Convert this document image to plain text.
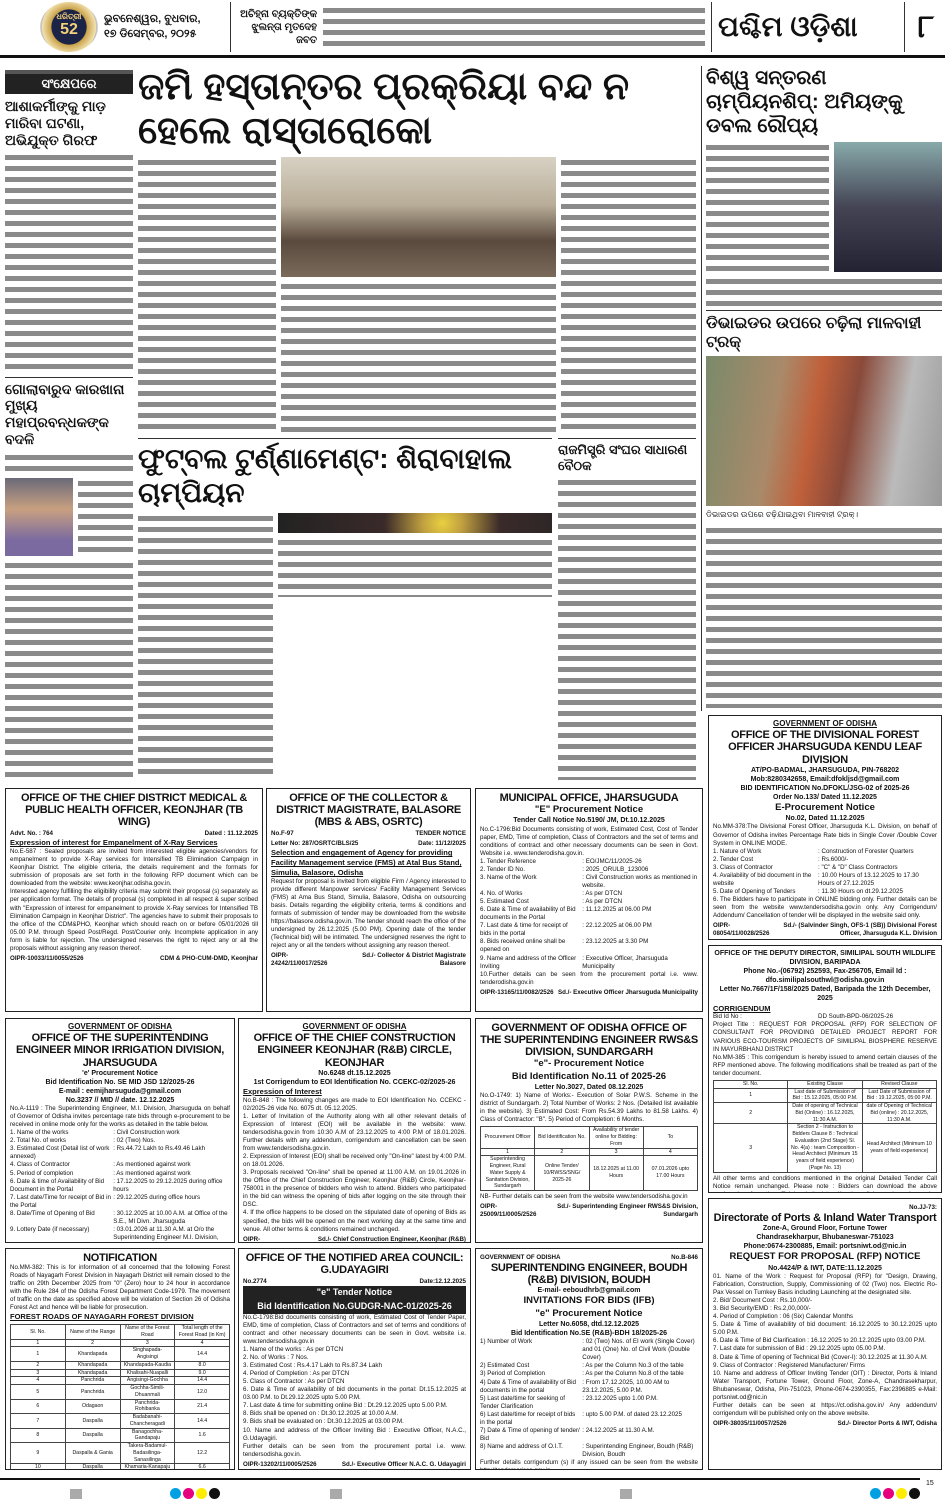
ଧରିତ୍ରୀ
52
ଭୁବନେଶ୍ୱର, ବୁଧବାର,
୧୭ ଡିସେମ୍ବର, ୨୦୨୫
ଅଚିହ୍ନା ବ୍ୟକ୍ତିଙ୍କ ଝୁଲନ୍ତା ମୃତଦେହ ଜବତ	ପଶ୍ଚିମ ଓଡ଼ିଶା	୮
ସଂକ୍ଷେପରେ
ଆଶାକର୍ମୀଙ୍କୁ ମାଡ଼ ମାରିବା ଘଟଣା, ଅଭିଯୁକ୍ତ ଗିରଫ
ଗୋଲାବାରୁଦ କାରଖାନା ମୁଖ୍ୟ ମହାପ୍ରବନ୍ଧକଙ୍କ ବଦଳି
ଜମି ହସ୍ତାନ୍ତର ପ୍ରକ୍ରିୟା ବନ୍ଦ ନ ହେଲେ ରାସ୍ତାରୋକୋ
ଫୁଟ୍‌ବଲ ଟୁର୍ଣ୍ଣାମେଣ୍ଟ: ଶିରାବାହାଲ ଚାମ୍ପିୟନ
ରାଜମିସ୍ତ୍ରି ସଂଘର ସାଧାରଣ ବୈଠକ
ବିଶ୍ୱ ସନ୍ତରଣ ଚାମ୍ପିୟନଶିପ୍: ଅମିୟଙ୍କୁ ଡବଲ ରୌପ୍ୟ
ଡିଭାଇଡର ଉପରେ ଚଢ଼ିଲା ମାଳବାହୀ ଟ୍ରକ୍
ଡିଭାଇଡର ଉପରେ ଚଢ଼ିଯାଇଥିବା ମାଳବାହୀ ଟ୍ରକ୍।
OFFICE OF THE CHIEF DISTRICT MEDICAL & PUBLIC HEALTH OFFICER, KEONJHAR (TB WING)
Advt. No. : 764	Dated : 11.12.2025
Expression of interest for Empanelment of X-Ray Services
No.E-587 : Sealed proposals are invited from interested eligible agencies/vendors for empanelment to provide X-Ray services for Intensified TB Elimination Campaign in Keonjhar District. The eligible criteria, the details requirement and the formats for submission of proposals are set forth in the following RFP document which can be downloaded from the website: www.keonjhar.odisha.gov.in.
Interested agency fulfilling the eligibility criteria may submit their proposal (s) separately as per application format. The details of proposal (s) completed in all respect & super scribed with "Expression of interest for empanelment to provide X-Ray services for Intensified TB Elimination Campaign in Keonjhar District". The agencies have to submit their proposals to the office of the CDM&PHO, Keonjhar which should reach on or before 05/01/2026 till 05.00 P.M. through Speed Post/Regd. Post/Courier only. Incomplete application in any form is liable for rejection. The undersigned reserves the right to reject any or all the proposals without assigning any reason thereof.
OIPR-10033/11/0055/2526	CDM & PHO-CUM-DMD, Keonjhar
OFFICE OF THE COLLECTOR & DISTRICT MAGISTRATE, BALASORE (MBS & ABS, OSRTC)
No.F-97	TENDER NOTICE
Letter No: 287/OSRTC/BLS/25	Date: 11/12/2025
Selection and engagement of Agency for providing Facility Management service (FMS) at Atal Bus Stand, Simulia, Balasore, Odisha
Request for proposal is invited from eligible Firm / Agency interested to provide different Manpower services/ Facility Management Services (FMS) at Ama Bus Stand, Simulia, Balasore, Odisha on outsourcing basis. Details regarding the eligibility criteria, terms & conditions and formats of submission of tender may be downloaded from the website https://balasore.odisha.gov.in. The tender should reach the office of the undersigned by 26.12.2025 (5.00 PM). Opening date of the tender (Technical bid) will be intimated. The undersigned reserves the right to reject any or all the tenders without assigning any reason thereof.
OIPR-24242/11/0017/2526
Sd./- Collector & District Magistrate Balasore
MUNICIPAL OFFICE, JHARSUGUDA
"E" Procurement Notice
Tender Call Notice No.5190/ JM, Dt.10.12.2025
No.C-1796:Bid Documents consisting of work, Estimated Cost, Cost of Tender paper, EMD, Time of completion, Class of Contractors and the set of terms and conditions of contract and other necessary documents can be seen in Govt. Website i.e. www.tenderodisha.gov.in.
1. Tender Reference	: EO/JMC/11/2025-26
2. Tender ID No.	: 2025_ORULB_123006
3. Name of the Work	: Civil Construction works as mentioned in website.
4. No. of Works	: As per DTCN
5. Estimated Cost	: As per DTCN
6. Date & Time of availability of Bid documents in the Portal
: 11.12.2025 at 06.00 PM
7. Last date & time for receipt of bids in the portal
: 22.12.2025 at 06.00 PM
8. Bids received online shall be opened on
: 23.12.2025 at 3.30 PM
9. Name and address of the Officer Inviting
: Executive Officer, Jharsuguda Municipality
10.Further details can be seen from the procurement portal i.e. www. tenderodisha.gov.in
OIPR-13165/11/0082/2526 Sd./- Executive Officer Jharsuguda Municipality
GOVERNMENT OF ODISHA
OFFICE OF THE DIVISIONAL FOREST OFFICER JHARSUGUDA KENDU LEAF DIVISION
AT/PO-BADMAL, JHARSUGUDA, PIN-768202
Mob:8280342658, Email:dfokljsd@gmail.com
BID IDENTIFICATION No.DFOKL/JSG-02 of 2025-26
Order No.133/ Dated 11.12.2025
E-Procurement Notice
No.02, Dated 11.12.2025
No.MM-378:The Divisional Forest Officer, Jharsuguda K.L. Division, on behalf of Governor of Odisha invites Percentage Rate bids in Single Cover /Double Cover System in ONLINE MODE.
1. Nature of Work	: Construction of Forester Quarters
2. Tender Cost	: Rs.6000/-
3. Class of Contractor	: "C" & "D" Class Contractors
4. Availability of bid document in the website
: 10.00 Hours of 13.12.2025 to 17.30 Hours of 27.12.2025
5. Date of Opening of Tenders	: 11.30 Hours on dt.29.12.2025
6. The Bidders have to participate in ONLINE bidding only. Further details can be seen from the website www.tendersodisha.gov.in only. Any Corrigendum/ Addendum/ Cancellation of tender will be displayed in the website said only.
OIPR-08054/11/0028/2526
Sd./- (Salvinder Singh, OFS-1 (SB)) Divisional Forest Officer, Jharsuguda K.L. Division
GOVERNMENT OF ODISHA
OFFICE OF THE SUPERINTENDING ENGINEER MINOR IRRIGATION DIVISION, JHARSUGUDA
'e' Procurement Notice
Bid Identification No. SE MID JSD 12/2025-26
E-mail : eemijharsuguda@gmail.com
No.3237 // MID // date. 12.12.2025
No.A-1119 : The Superintending Engineer, M.I. Division, Jharsuguda on behalf of Governor of Odisha invites percentage rate bids through e-procurement to be received in online mode only for the works as detailed in the table below.
1. Name of the works	: Civil Construction work
2. Total No. of works	: 02 (Two) Nos.
3. Estimated Cost (Detail list of work annexed)
: Rs.44.72 Lakh to Rs.49.46 Lakh
4. Class of Contractor	: As mentioned against work
5. Period of completion	: As mentioned against work
6. Date & time of Availability of Bid Document in the Portal
: 17.12.2025 to 29.12.2025 during office hours
7. Last date/Time for receipt of Bid in the Portal
: 29.12.2025 during office hours
8. Date/Time of Opening of Bid	: 30.12.2025 at 10.00 A.M. at Office of the S.E., MI Divn. Jharsuguda
9. Lottery Date (if necessary)	: 03.01.2026 at 11.30 A.M. at O/o the Superintending Engineer M.I. Division,
GOVERNMENT OF ODISHA
OFFICE OF THE CHIEF CONSTRUCTION ENGINEER KEONJHAR (R&B) CIRCLE, KEONJHAR
No.6248 dt.15.12.2025
1st Corrigendum to EOI Identification No. CCEKC-02/2025-26
Expression of Interest
No.B-848 : The following changes are made to EOI Identification No. CCEKC - 02/2025-26 vide No. 6075 dt. 05.12.2025.
1. Letter of Invitation of the Authority along with all other relevant details of Expression of Interest (EOI) will be available in the website: www. tendersodisha.gov.in from 10:30 A.M of 23.12.2025 to 4:00 P.M of 18.01.2026. Further details with any addendum, corrigendum and cancellation can be seen from www.tendersodisha.gov.in.
2. Expression of Interest (EOI) shall be received only "On-line" latest by 4:00 P.M. on 18.01.2026.
3. Proposals received "On-line" shall be opened at 11:00 A.M. on 19.01.2026 in the Office of the Chief Construction Engineer, Keonjhar (R&B) Circle, Keonjhar-758001 in the presence of bidders who wish to attend. Bidders who participated in the bid can witness the opening of bids after logging on the site through their DSC.
4. If the office happens to be closed on the stipulated date of opening of Bids as specified, the bids will be opened on the next working day at the same time and venue. All other terms & conditions remained unchanged.
OIPR-	Sd./- Chief Construction Engineer, Keonjhar (R&B)
GOVERNMENT OF ODISHA OFFICE OF THE SUPERINTENDING ENGINEER RWS&S DIVISION, SUNDARGARH
"e"- Procurement Notice
Bid Identification No.11 of 2025-26
Letter No.3027, Dated 08.12.2025
No.O-1749: 1) Name of Works:- Execution of Solar P.W.S. Scheme in the district of Sundargarh. 2) Total Number of Works: 2 Nos. (Detailed list available in the website). 3) Estimated Cost: From Rs.54.39 Lakhs to 81.58 Lakhs. 4) Class of Contractor: "B". 5) Period of Completion: 6 Months.
Procurement Officer	Bid Identification No.	Availability of tender online for Bidding: From	To
1	2	3	4
Superintending Engineer, Rural Water Supply & Sanitation Division, Sundargarh	Online Tender/ 10/RWSS/SNG/ 2025-26	18.12.2025 at 11.00 Hours	07.01.2026 upto 17.00 Hours
NB- Further details can be seen from the website www.tendersodisha.gov.in
OIPR-25009/11/0005/2526
Sd./- Superintending Engineer RWS&S Division, Sundargarh
OFFICE OF THE DEPUTY DIRECTOR, SIMILIPAL SOUTH WILDLIFE DIVISION, BARIPADA
Phone No.-(06792) 252593, Fax-256705, Email Id : dfo.similipalsouthwl@odisha.gov.in
Letter No.7667/1F/158/2025 Dated, Baripada the 12th December, 2025
CORRIGENDUM
Bid Id No :	DD South-BPD-06/2025-26
Project Title : REQUEST FOR PROPOSAL (RFP) FOR SELECTION OF CONSULTANT FOR PROVIDING DETAILED PROJECT REPORT FOR VARIOUS ECO-TOURISM PROJECTS OF SIMILIPAL BIOSPHERE RESERVE IN MAYURBHANJ DISTRICT
No.MM-385 : This corrigendum is hereby issued to amend certain clauses of the RFP mentioned above. The following modifications shall be treated as part of the tender document.
Sl. No.	Existing Clause	Revised Clause
1	Last date of Submission of Bid : 15.12.2025, 05:00 P.M.	Last Date of Submission of Bid : 19.12.2025, 05:00 P.M.
2	Date of opening of Technical Bid (Online) : 16.12.2025, 11:30 A.M.	date of Opening of Technical Bid (online) : 20.12.2025, 11:30 A.M.
3	Section 2 - Instruction to Bidders Clause 8 : Technical Evaluation (2nd Stage) Sl. No. 4(a) : team Composition - Head Architect (Minimum 15 years of field experience) (Page No. 13)	Head Architect (Minimum 10 years of field experience)
All other terms and conditions mentioned in the original Detailed Tender Call Notice remain unchanged. Please note : Bidders can download the above
NOTIFICATION
No.MM-382: This is for information of all concerned that the following Forest Roads of Nayagarh Forest Division in Nayagarh District will remain closed to the traffic on 29th December 2025 from "0" (Zero) hour to 24 hour in accordance with the Rule 284 of the Odisha Forest Department Code-1979. The movement of traffic on the date as specified above will be violation of Section 26 of Odisha Forest Act and hence will be liable for prosecution.
FOREST ROADS OF NAYAGARH FOREST DIVISION
Sl. No.	Name of the Range	Name of the Forest Road	Total length of the Forest Road (in Km)
1	2	3	4
1	Khandapada	Singhapada-Angisingi	14.4
2	Khandapada	Khandapada-Kaudia	8.0
3	Khandapada	Khalisahi-Nuapalli	9.0
4	Panchrida	Angisingi-Gochha	14.4
5	Panchrida	Gochha-Simili-Dhuanmali	12.0
6	Odagaon	Panchrida-Rohibanka	21.4
7	Daspalla	Badabanahi- Chancheragadi	14.4
8	Daspalla	Banagochha- Gandapaju	1.6
9	Daspalla & Gania	Takera-Badamul-Badasilinga-Sanasilinga	12.2
10	Daspalla	Khamaria-Kanapaju	6.6

OFFICE OF THE NOTIFIED AREA COUNCIL: G.UDAYAGIRI
No.2774	Date:12.12.2025
"e" Tender Notice
Bid Identification No.GUDGR-NAC-01/2025-26
No.C-1798:Bid documents consisting of work, Estimated Cost of Tender Paper, EMD, time of completion, Class of Contractors and set of terms and conditions of contract and other necessary documents can be seen in Govt. website i.e. www.tendersodisha.gov.in
1. Name of the works : As per DTCN
2. No. of Works : 7 Nos.
3. Estimated Cost : Rs.4.17 Lakh to Rs.87.34 Lakh
4. Period of Completion : As per DTCN
5. Class of Contractor : As per DTCN
6. Date & Time of availability of bid documents in the portal: Dt.15.12.2025 at 03.00 P.M. to Dt.29.12.2025 upto 5.00 P.M.
7. Last date & time for submitting online Bid : Dt.29.12.2025 upto 5.00 P.M.
8. Bids shall be opened on : Dt.30.12.2025 at 10.00 A.M.
9. Bids shall be evaluated on : Dt.30.12.2025 at 03.00 P.M.
10. Name and address of the Officer Inviting Bid : Executive Officer, N.A.C., G.Udayagiri.
Further details can be seen from the procurement portal i.e. www. tendersodisha.gov.in.
OIPR-13202/11/0005/2526	Sd./- Executive Officer N.A.C. G. Udayagiri
GOVERNMENT OF ODISHA	No.B-846
SUPERINTENDING ENGINEER, BOUDH (R&B) DIVISION, BOUDH
E-mail- eeboudhrb@gmail.com
INVITATIONS FOR BIDS (IFB)
"e" Procurement Notice
Letter No.6058, dtd.12.12.2025
Bid Identification No.SE (R&B)-BDH 18/2025-26
1) Number of Work	: 02 (Two) Nos. of EI work (Single Cover) and 01 (One) No. of Civil Work (Double Cover)
2) Estimated Cost	: As per the Column No.3 of the table
3) Period of Completion	: As per the Column No.8 of the table
4) Date & Time of availability of Bid documents in the portal
: From 17.12.2025, 10.00 AM to 23.12.2025, 5.00 P.M.
5) Last date/time for seeking of Tender Clarification
: 23.12.2025 upto 1.00 P.M.
6) Last date/time for receipt of bids in the portal
: upto 5.00 P.M. of dated 23.12.2025
7) Date & Time of opening of tender/ Bid
: 24.12.2025 at 11.30 A.M.
8) Name and address of O.I.T.	: Superintending Engineer, Boudh (R&B) Division, Boudh
Further details corrigendum (s) if any issued can be seen from the website
No.JJ-73:
Directorate of Ports & Inland Water Transport
Zone-A, Ground Floor, Fortune Tower
Chandrasekharpur, Bhubaneswar-751023
Phone:0674-2300885, Email: portsniwt.od@nic.in
REQUEST FOR PROPOSAL (RFP) NOTICE
No.4424/P & IWT, DATE:11.12.2025
01. Name of the Work : Request for Proposal (RFP) for "Design, Drawing, Fabrication, Construction, Supply, Commissioning of 02 (Two) nos. Electric Ro-Pax Vessel on Turnkey Basis including Launching at the designated site.
2. Bid/ Document Cost : Rs.10,000/-
3. Bid Security/EMD : Rs.2,00,000/-
4. Period of Completion : 06 (Six) Calendar Months
5. Date & Time of availability of bid document: 16.12.2025 to 30.12.2025 upto 5.00 P.M.
6. Date & Time of Bid Clarification : 16.12.2025 to 20.12.2025 upto 03.00 P.M.
7. Last date for submission of Bid : 29.12.2025 upto 05.00 P.M.
8. Date & Time of opening of Technical Bid (Cover-I): 30.12.2025 at 11.30 A.M.
9. Class of Contractor : Registered Manufacturer/ Firms
10. Name and address of Officer Inviting Tender (OIT) : Director, Ports & Inland Water Transport, Fortune Tower, Ground Floor, Zone-A, Chandrasekharpur, Bhubaneswar, Odisha, Pin-751023, Phone-0674-2390355, Fax:2396885 e-Mail: portsniwt.od@nic.in
Further details can be seen at https://ct.odisha.gov.in/ Any addendum/ corrigendum will be published only on the above website.
OIPR-38035/11/0057/2526	Sd./- Director Ports & IWT, Odisha
15
